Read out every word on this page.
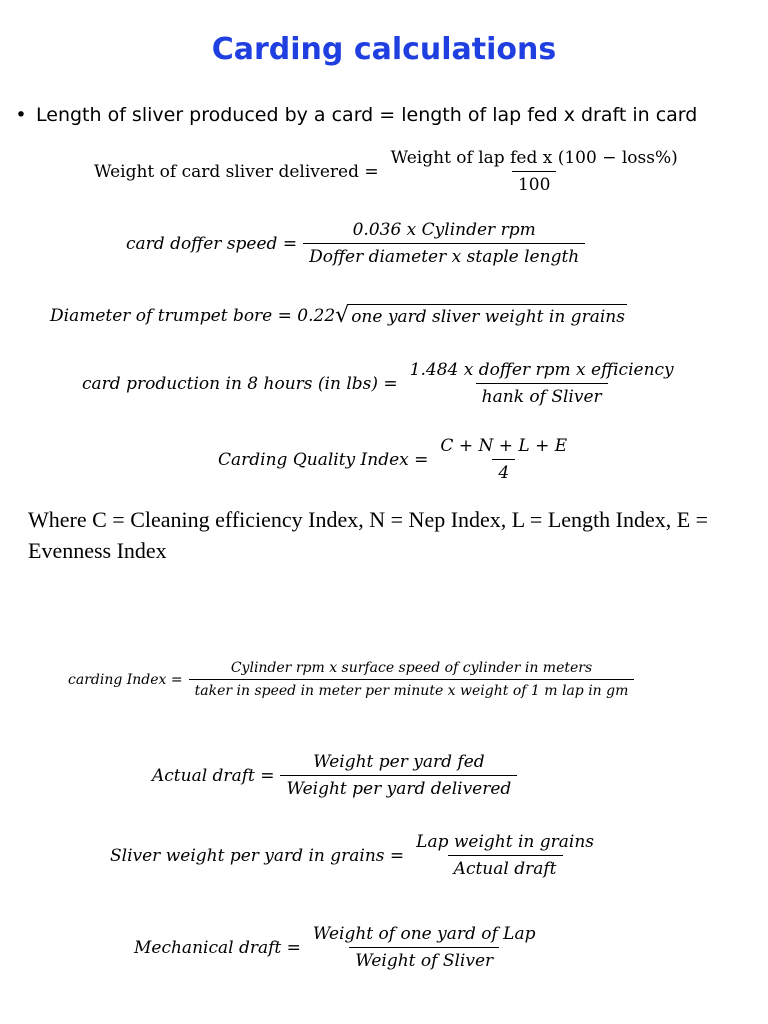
Carding calculations
• Length of sliver produced by a card = length of lap fed x draft in card
Weight of card sliver delivered = $\frac{\text{Weight of lap fed x (100 − loss\%)}}{100}$
card doffer speed = $\frac{\text{0.036 x Cylinder rpm}}{\text{Doffer diameter x staple length}}$
Diameter of trumpet bore = 0.22 √ one yard sliver weight in grains
card production in 8 hours (in $lbs) = \frac{\text{1.484 x doffer rpm x efficiency}}{\text{hank of Sliver}}$
Carding Quality Index = $\frac{C + N + L + E}{4}$
Where C = Cleaning efficiency Index, N = Nep Index, L = Length Index, E = Evenness Index
carding Index = $\frac{\text{Cylinder rpm x surface speed of cylinder in meters}}{\text{taker in speed in meter per minute x weight of 1 m lap in gm}}$
Actual draft = $\frac{\text{Weight per yard fed}}{\text{Weight per yard delivered}}$
Sliver weight per yard in grains = $\frac{\text{Lap weight in grains}}{\text{Actual draft}}$
Mechanical draft = $\frac{\text{Weight of one yard of Lap}}{\text{Weight of Sliver}}$
